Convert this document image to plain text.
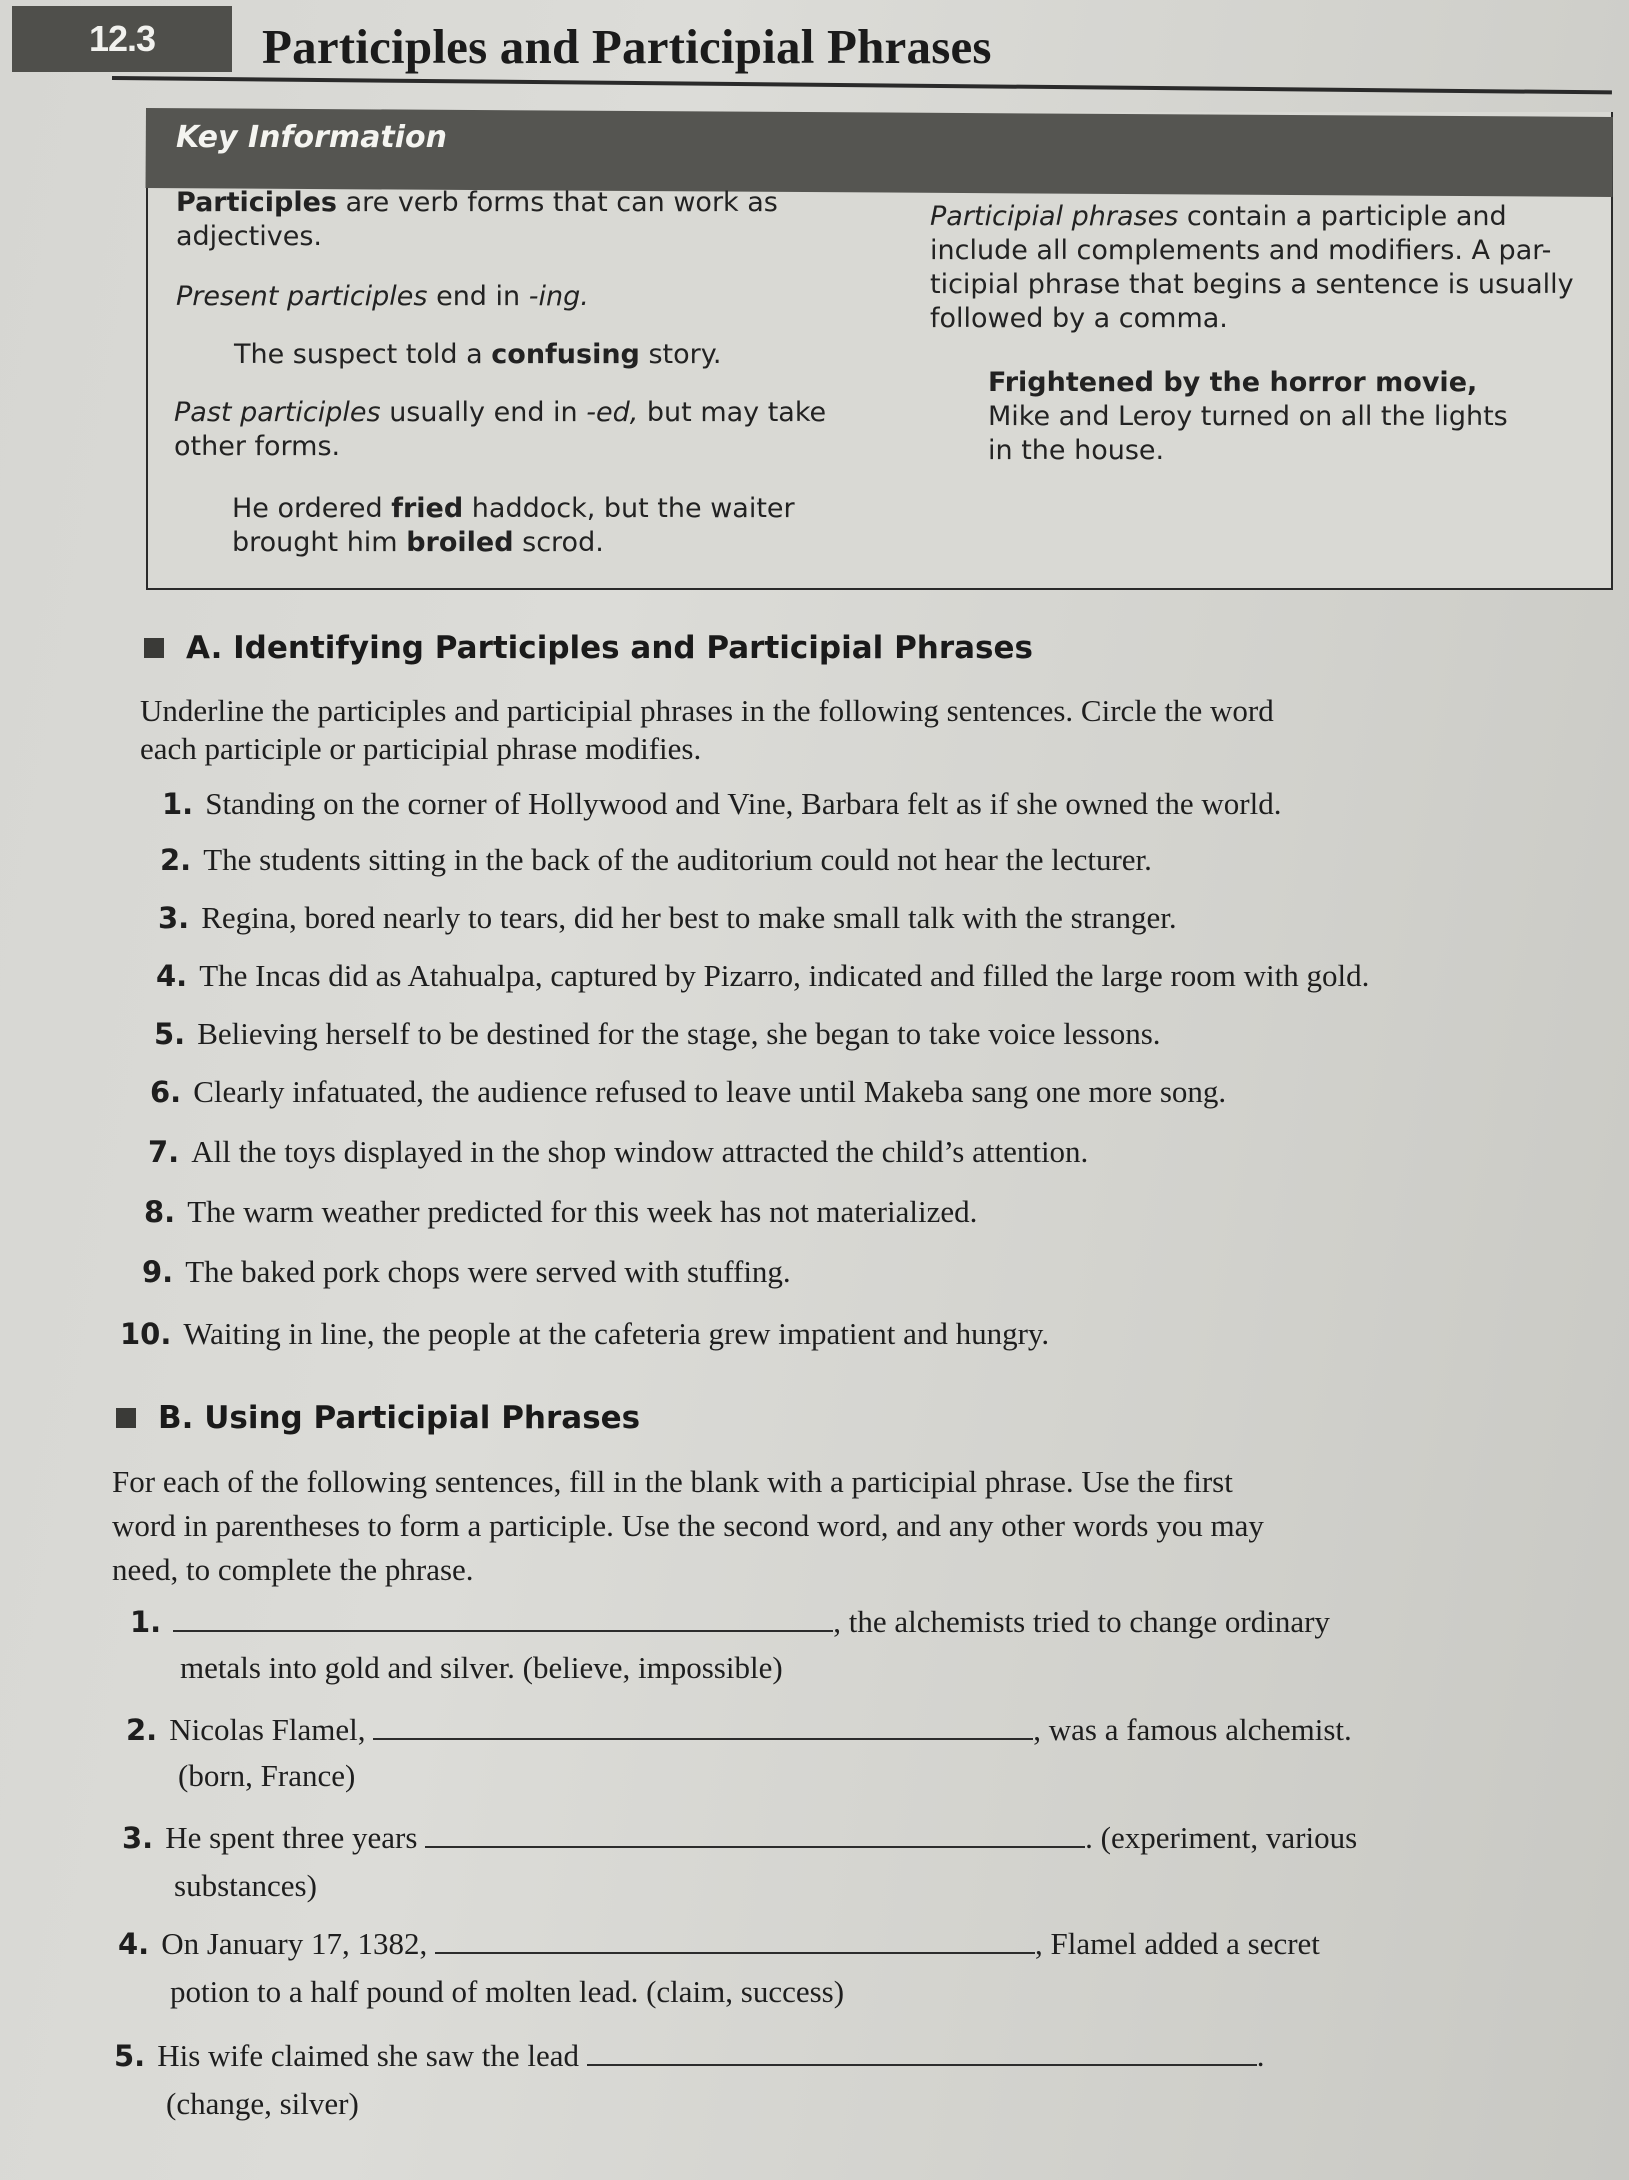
12.3 Participles and Participial Phrases
Key Information
Participles are verb forms that can work as
adjectives.
Present participles end in -ing.
The suspect told a confusing story.
Past participles usually end in -ed, but may take
other forms.
He ordered fried haddock, but the waiter
brought him broiled scrod.
Participial phrases contain a participle and
include all complements and modifiers. A par-
ticipial phrase that begins a sentence is usually
followed by a comma.
Frightened by the horror movie,
Mike and Leroy turned on all the lights
in the house.
A. Identifying Participles and Participial Phrases
Underline the participles and participial phrases in the following sentences. Circle the word
each participle or participial phrase modifies.
1. Standing on the corner of Hollywood and Vine, Barbara felt as if she owned the world.
2. The students sitting in the back of the auditorium could not hear the lecturer.
3. Regina, bored nearly to tears, did her best to make small talk with the stranger.
4. The Incas did as Atahualpa, captured by Pizarro, indicated and filled the large room with gold.
5. Believing herself to be destined for the stage, she began to take voice lessons.
6. Clearly infatuated, the audience refused to leave until Makeba sang one more song.
7. All the toys displayed in the shop window attracted the child’s attention.
8. The warm weather predicted for this week has not materialized.
9. The baked pork chops were served with stuffing.
10. Waiting in line, the people at the cafeteria grew impatient and hungry.
B. Using Participial Phrases
For each of the following sentences, fill in the blank with a participial phrase. Use the first
word in parentheses to form a participle. Use the second word, and any other words you may
need, to complete the phrase.
1.	, the alchemists tried to change ordinary
metals into gold and silver. (believe, impossible)
2. Nicolas Flamel,	, was a famous alchemist.
(born, France)
3. He spent three years	. (experiment, various
substances)
4. On January 17, 1382,	, Flamel added a secret
potion to a half pound of molten lead. (claim, success)
5. His wife claimed she saw the lead	.
(change, silver)
